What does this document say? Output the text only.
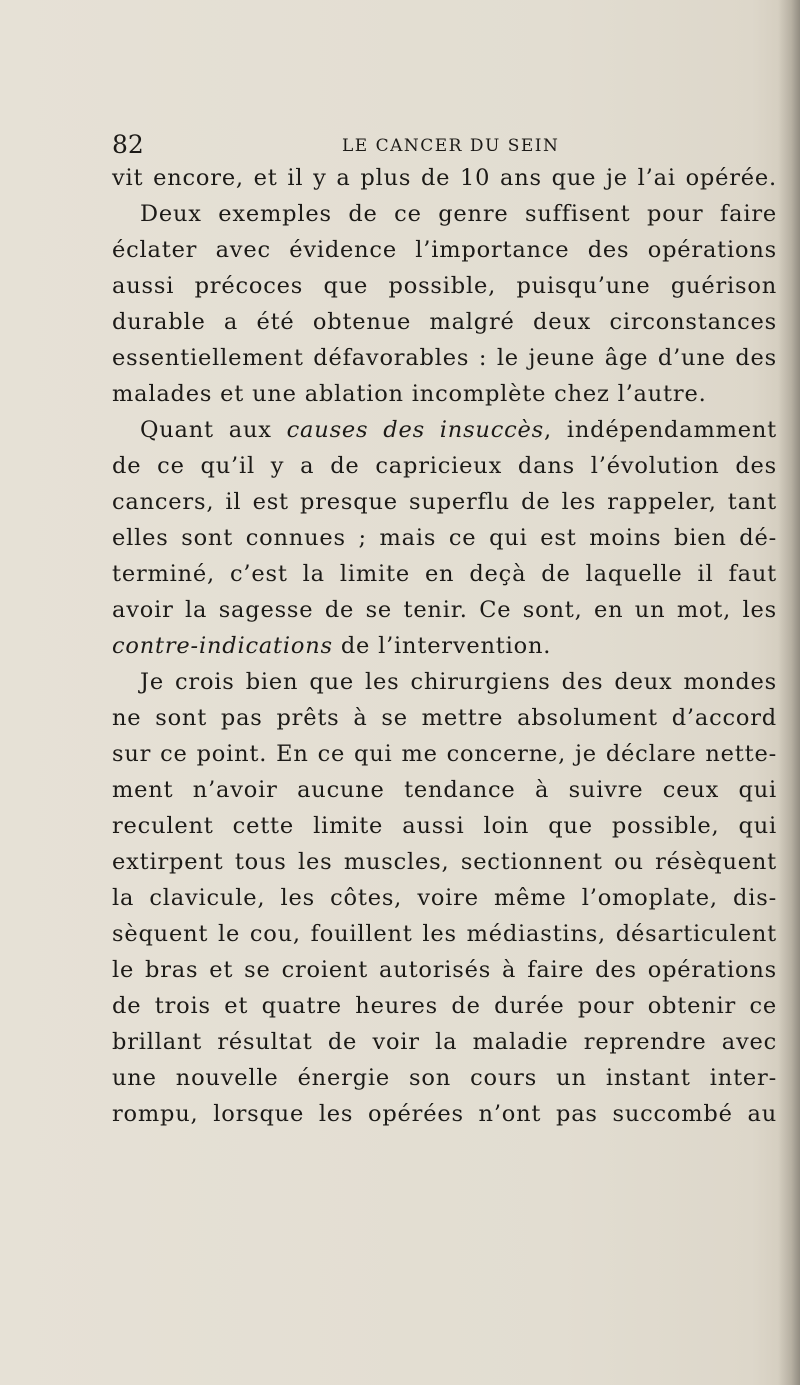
82	LE CANCER DU SEIN
vit encore, et il y a plus de 10 ans que je l’ai opérée.
Deux exemples de ce genre suffisent pour faire
éclater avec évidence l’importance des opérations
aussi précoces que possible, puisqu’une guérison
durable a été obtenue malgré deux circonstances
essentiellement défavorables : le jeune âge d’une des
malades et une ablation incomplète chez l’autre.
Quant aux causes des insuccès, indépendamment
de ce qu’il y a de capricieux dans l’évolution des
cancers, il est presque superflu de les rappeler, tant
elles sont connues ; mais ce qui est moins bien dé-
terminé, c’est la limite en deçà de laquelle il faut
avoir la sagesse de se tenir. Ce sont, en un mot, les
contre-indications de l’intervention.
Je crois bien que les chirurgiens des deux mondes
ne sont pas prêts à se mettre absolument d’accord
sur ce point. En ce qui me concerne, je déclare nette-
ment n’avoir aucune tendance à suivre ceux qui
reculent cette limite aussi loin que possible, qui
extirpent tous les muscles, sectionnent ou résèquent
la clavicule, les côtes, voire même l’omoplate, dis-
sèquent le cou, fouillent les médiastins, désarticulent
le bras et se croient autorisés à faire des opérations
de trois et quatre heures de durée pour obtenir ce
brillant résultat de voir la maladie reprendre avec
une nouvelle énergie son cours un instant inter-
rompu, lorsque les opérées n’ont pas succombé au
